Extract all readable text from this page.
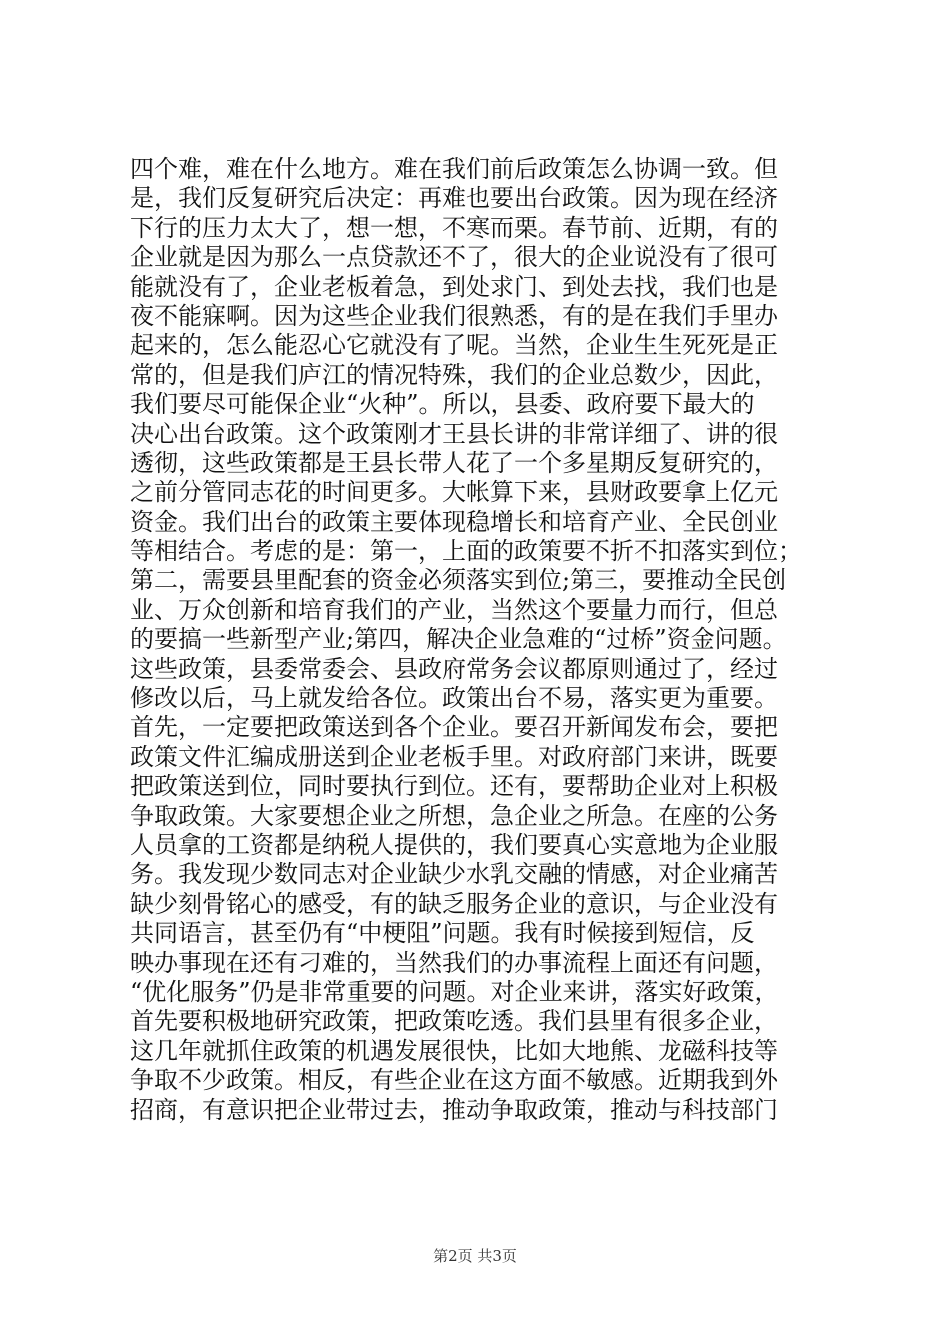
四个难，难在什么地方。难在我们前后政策怎么协调一致。但
是，我们反复研究后决定：再难也要出台政策。因为现在经济
下行的压力太大了，想一想，不寒而栗。春节前、近期，有的
企业就是因为那么一点贷款还不了，很大的企业说没有了很可
能就没有了，企业老板着急，到处求门、到处去找，我们也是
夜不能寐啊。因为这些企业我们很熟悉，有的是在我们手里办
起来的，怎么能忍心它就没有了呢。当然，企业生生死死是正
常的，但是我们庐江的情况特殊，我们的企业总数少，因此，
我们要尽可能保企业“火种”。所以，县委、政府要下最大的
决心出台政策。这个政策刚才王县长讲的非常详细了、讲的很
透彻，这些政策都是王县长带人花了一个多星期反复研究的，
之前分管同志花的时间更多。大帐算下来，县财政要拿上亿元
资金。我们出台的政策主要体现稳增长和培育产业、全民创业
等相结合。考虑的是：第一，上面的政策要不折不扣落实到位；
第二，需要县里配套的资金必须落实到位;第三，要推动全民创
业、万众创新和培育我们的产业，当然这个要量力而行，但总
的要搞一些新型产业;第四，解决企业急难的“过桥”资金问题。
这些政策，县委常委会、县政府常务会议都原则通过了，经过
修改以后，马上就发给各位。政策出台不易，落实更为重要。
首先，一定要把政策送到各个企业。要召开新闻发布会，要把
政策文件汇编成册送到企业老板手里。对政府部门来讲，既要
把政策送到位，同时要执行到位。还有，要帮助企业对上积极
争取政策。大家要想企业之所想，急企业之所急。在座的公务
人员拿的工资都是纳税人提供的，我们要真心实意地为企业服
务。我发现少数同志对企业缺少水乳交融的情感，对企业痛苦
缺少刻骨铭心的感受，有的缺乏服务企业的意识，与企业没有
共同语言，甚至仍有“中梗阻”问题。我有时候接到短信，反
映办事现在还有刁难的，当然我们的办事流程上面还有问题，
“优化服务”仍是非常重要的问题。对企业来讲，落实好政策，
首先要积极地研究政策，把政策吃透。我们县里有很多企业，
这几年就抓住政策的机遇发展很快，比如大地熊、龙磁科技等
争取不少政策。相反，有些企业在这方面不敏感。近期我到外
招商，有意识把企业带过去，推动争取政策，推动与科技部门
第2页 共3页
